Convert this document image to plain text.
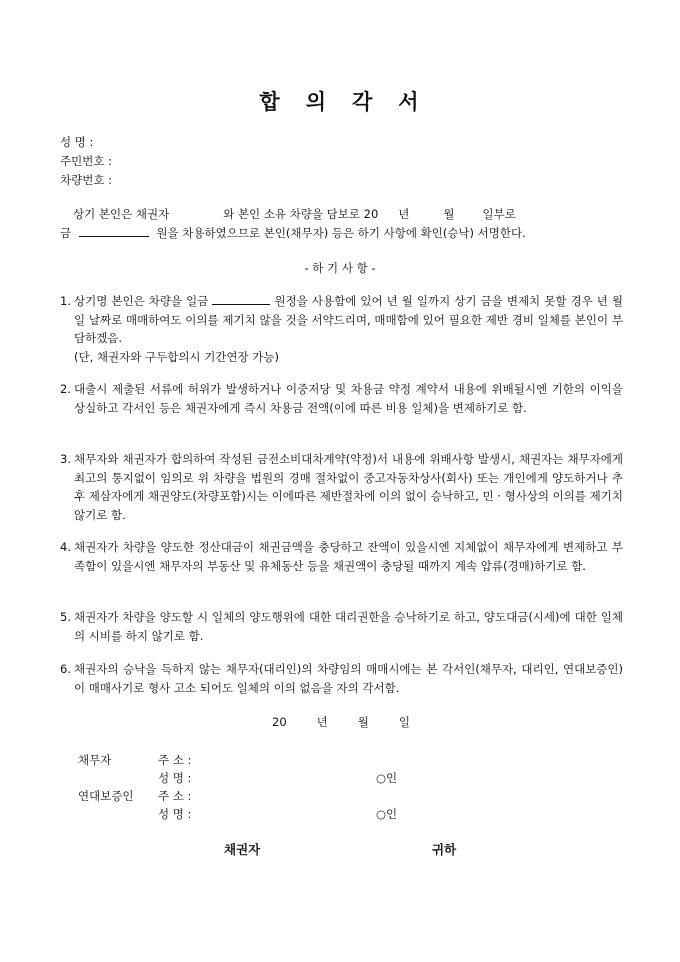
합 의 각 서
성 명 :
주민번호 :
차량번호 :
상기 본인은 채권자	와 본인 소유 차량을 담보로 20 년	월 일부로
금	원을 차용하였으므로 본인(채무자) 등은 하기 사항에 확인(승낙) 서명한다.
- 하 기 사 항 -
1. 상기명 본인은 차량을 일금	원정을 사용함에 있어 년 월 일까지 상기 금을 변제치 못할 경우 년 월 일 날짜로 매매하여도 이의를 제기치 않을 것을 서약드리며, 매매함에 있어 필요한 제반 경비 일체를 본인이 부담하겠음.
(단, 채권자와 구두합의시 기간연장 가능)
2. 대출시 제출된 서류에 허위가 발생하거나 이중저당 및 차용금 약정 계약서 내용에 위배될시엔 기한의 이익을 상실하고 각서인 등은 채권자에게 즉시 차용금 전액(이에 따른 비용 일체)을 변제하기로 함.
3. 채무자와 채권자가 합의하여 작성된 금전소비대차계약(약정)서 내용에 위배사항 발생시, 채권자는 채무자에게 최고의 통지없이 임의로 위 차량을 법원의 경매 절차없이 중고자동차상사(회사) 또는 개인에게 양도하거나 추후 제삼자에게 채권양도(차량포함)시는 이에따른 제반절차에 이의 없이 승낙하고, 민 · 형사상의 이의를 제기치 않기로 함.
4. 채권자가 차량을 양도한 정산대금이 채권금액을 충당하고 잔액이 있을시엔 지체없이 채무자에게 변제하고 부족함이 있을시엔 채무자의 부동산 및 유체동산 등을 채권액이 충당될 때까지 계속 압류(경매)하기로 함.
5. 채권자가 차량을 양도할 시 일체의 양도행위에 대한 대리권한을 승낙하기로 하고, 양도대금(시세)에 대한 일체의 시비를 하지 않기로 함.
6. 채권자의 승낙을 득하지 않는 채무자(대리인)의 차량임의 매매시에는 본 각서인(채무자, 대리인, 연대보증인)이 매매사기로 형사 고소 되어도 일체의 이의 없음을 자의 각서함.
20	년	월	일
채무자	주 소 :
성 명 :	○인
연대보증인 주 소 :
성 명 :	○인
채권자	귀하
